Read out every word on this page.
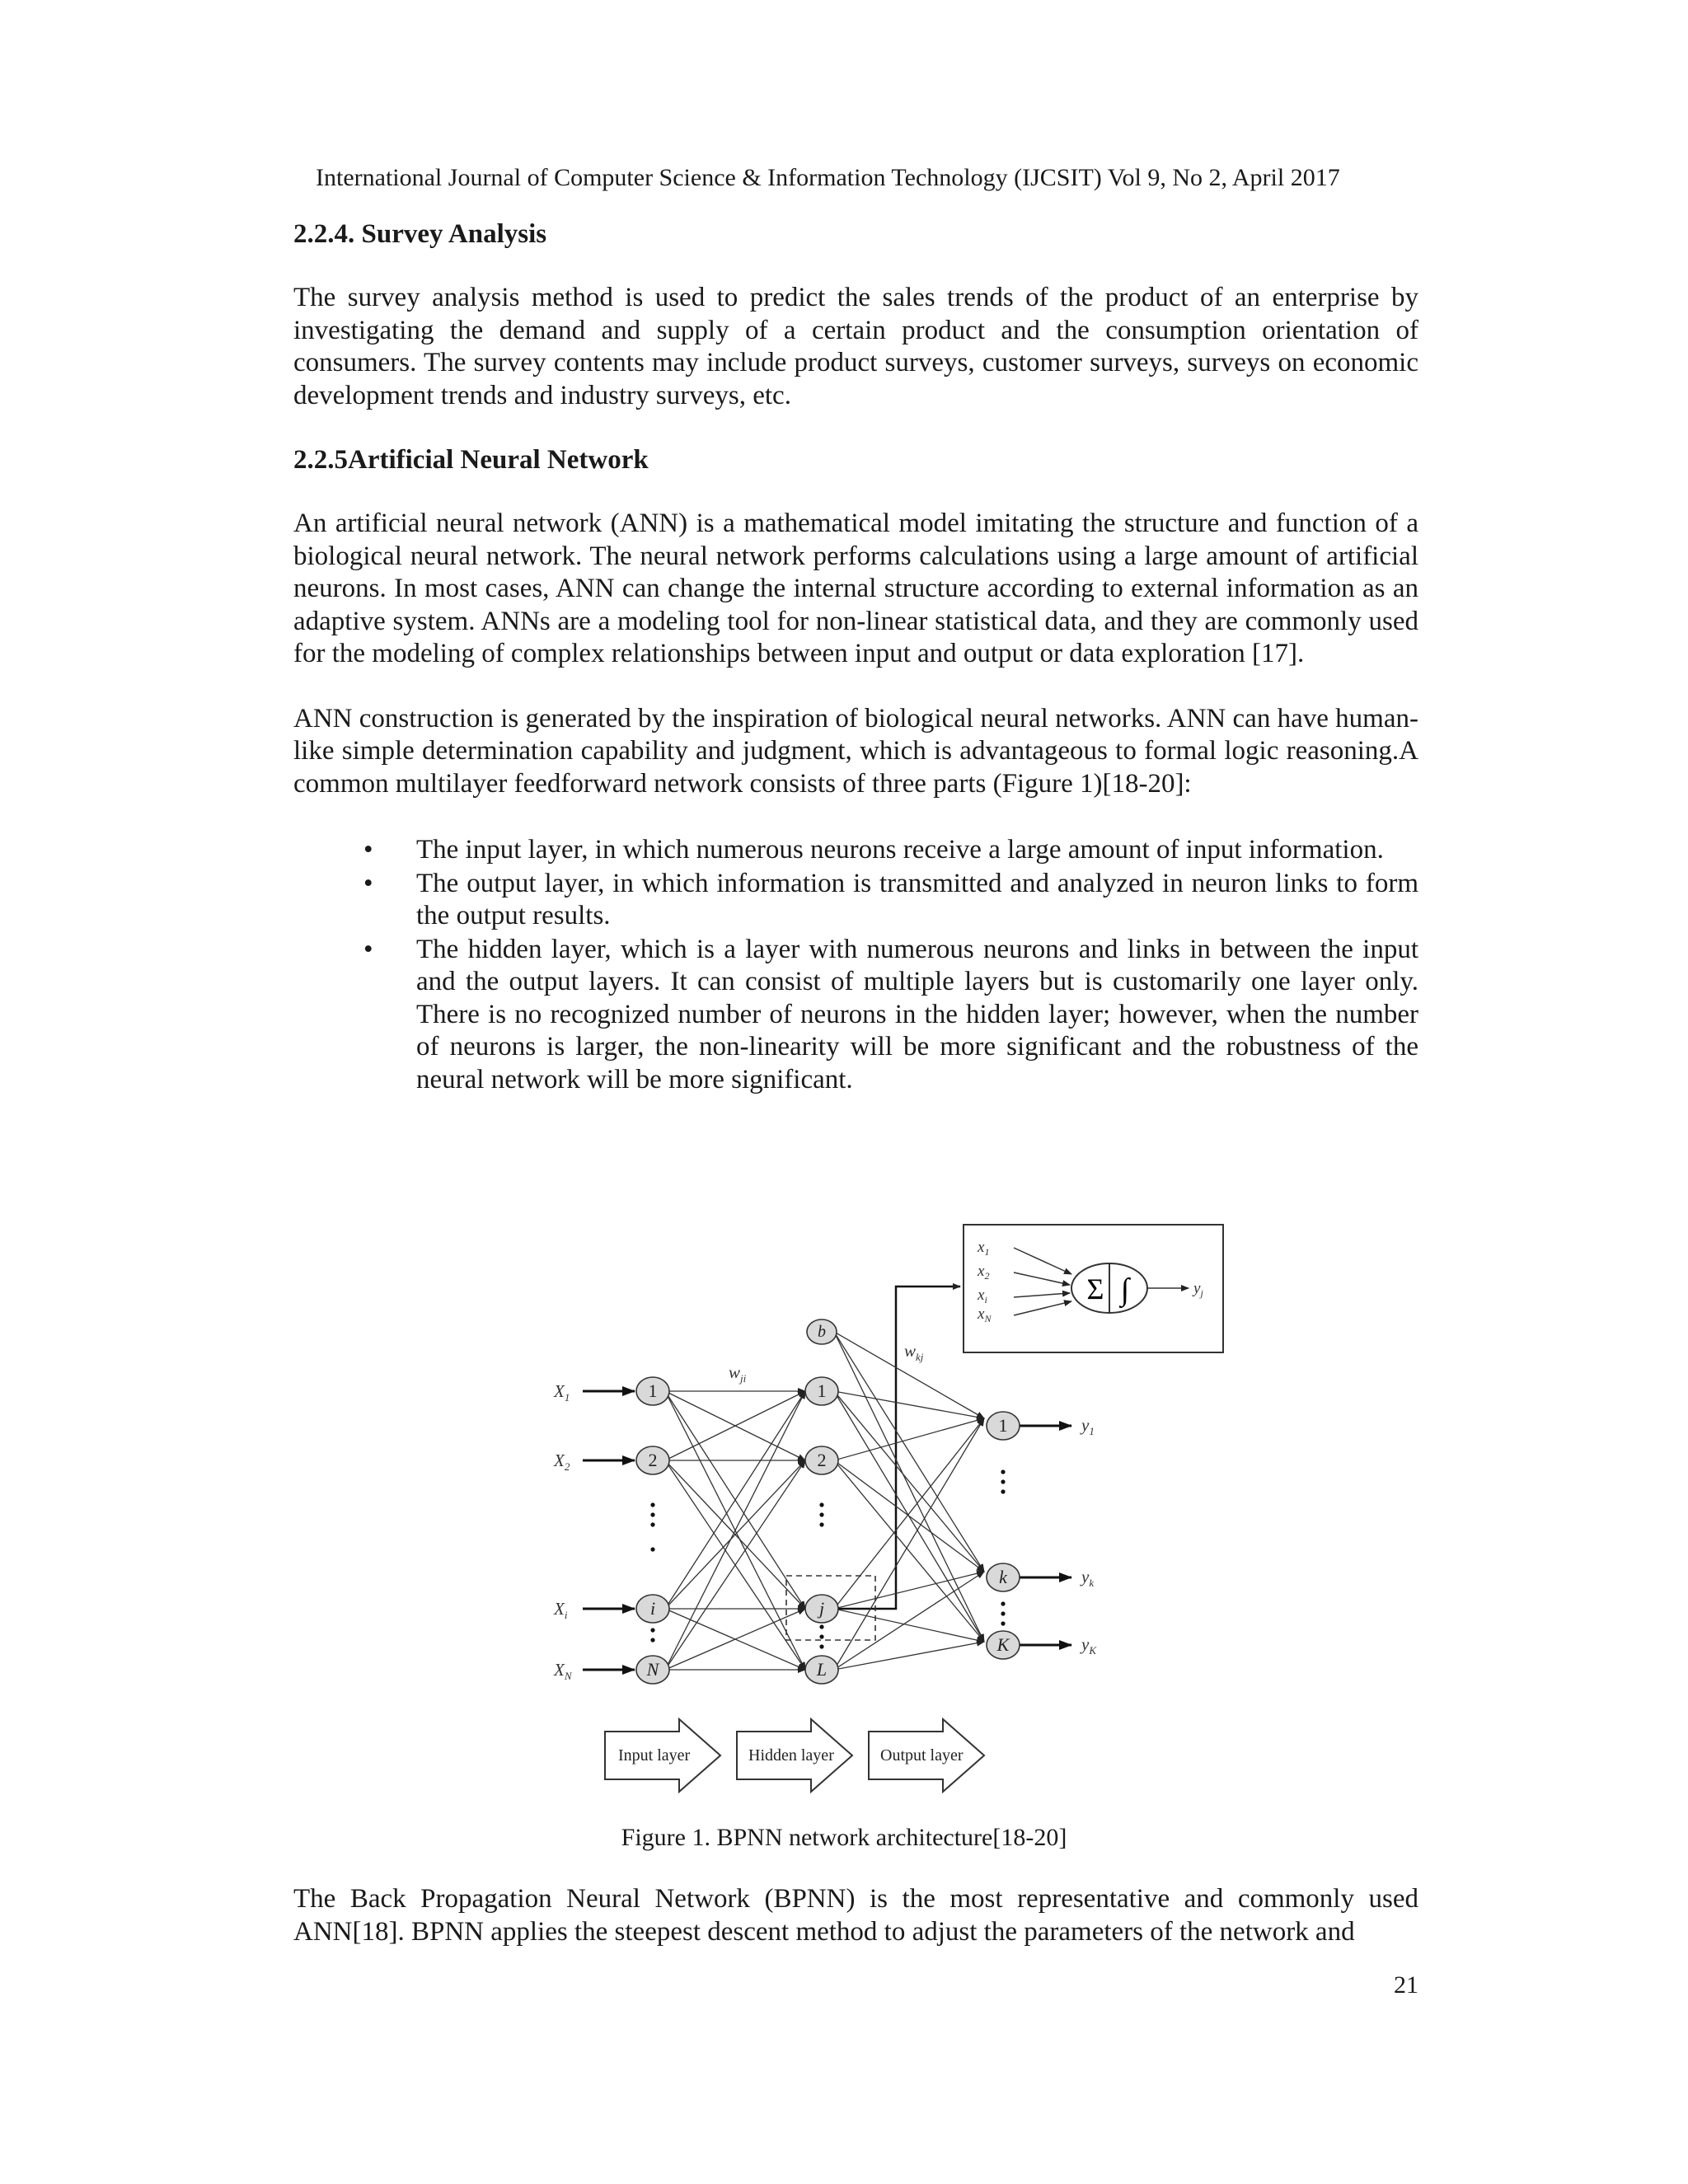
International Journal of Computer Science & Information Technology (IJCSIT) Vol 9, No 2, April 2017
2.2.4. Survey Analysis

The survey analysis method is used to predict the sales trends of the product of an enterprise by investigating the demand and supply of a certain product and the consumption orientation of consumers. The survey contents may include product surveys, customer surveys, surveys on economic development trends and industry surveys, etc.

2.2.5Artificial Neural Network

An artificial neural network (ANN) is a mathematical model imitating the structure and function of a biological neural network. The neural network performs calculations using a large amount of artificial neurons. In most cases, ANN can change the internal structure according to external information as an adaptive system. ANNs are a modeling tool for non-linear statistical data, and they are commonly used for the modeling of complex relationships between input and output or data exploration [17].

ANN construction is generated by the inspiration of biological neural networks. ANN can have human-like simple determination capability and judgment, which is advantageous to formal logic reasoning.A common multilayer feedforward network consists of three parts (Figure 1)[18-20]:

• The input layer, in which numerous neurons receive a large amount of input information.
• The output layer, in which information is transmitted and analyzed in neuron links to form the output results.
• The hidden layer, which is a layer with numerous neurons and links in between the input and the output layers. It can consist of multiple layers but is customarily one layer only. There is no recognized number of neurons in the hidden layer; however, when the number of neurons is larger, the non-linearity will be more significant and the robustness of the neural network will be more significant.
Σ ∫
$x_1$
$x_2$
$x_i$
$x_N$
$y_j$
1
2
i
N
b
1
2
j
L
1
k
K
$X_1$
$X_2$
$X_i$
$X_N$
$y_1$
$y_k$
$y_K$
$w_{ji}$
$w_{kj}$
Input layer	Hidden layer	Output layer
Figure 1. BPNN network architecture[18-20]

The Back Propagation Neural Network (BPNN) is the most representative and commonly used ANN[18]. BPNN applies the steepest descent method to adjust the parameters of the network and

21
